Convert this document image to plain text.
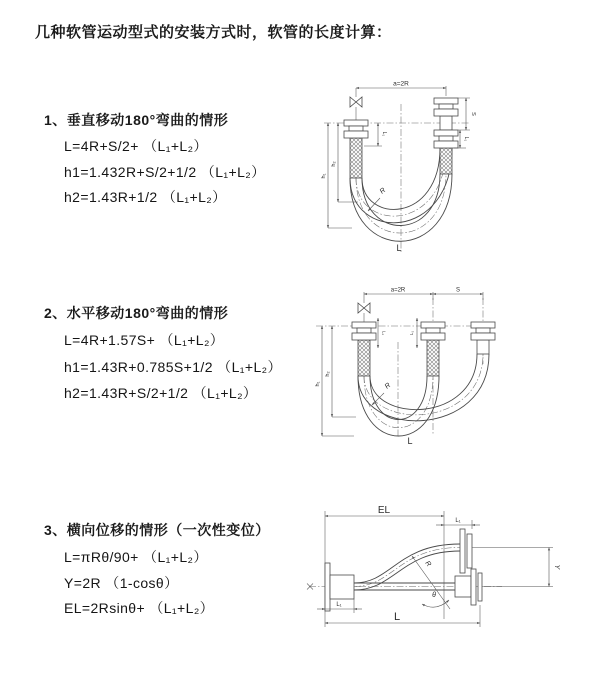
几种软管运动型式的安装方式时，软管的长度计算：
1、垂直移动180°弯曲的情形
L=4R+S/2+ （L₁+L₂）
h1=1.432R+S/2+1/2 （L₁+L₂）
h2=1.43R+1/2 （L₁+L₂）
2、水平移动180°弯曲的情形
L=4R+1.57S+ （L₁+L₂）
h1=1.43R+0.785S+1/2 （L₁+L₂）
h2=1.43R+S/2+1/2 （L₁+L₂）
3、横向位移的情形（一次性变位）
L=πRθ/90+ （L₁+L₂）
Y=2R （1-cosθ）
EL=2Rsinθ+ （L₁+L₂）
a=2R
S
L₁
L₁
h₁
h₂
R
L
a=2R	S
L₁	L₁
h₁
h₂
R
L
EL
L₁
Y
L
L₁
R
θ
